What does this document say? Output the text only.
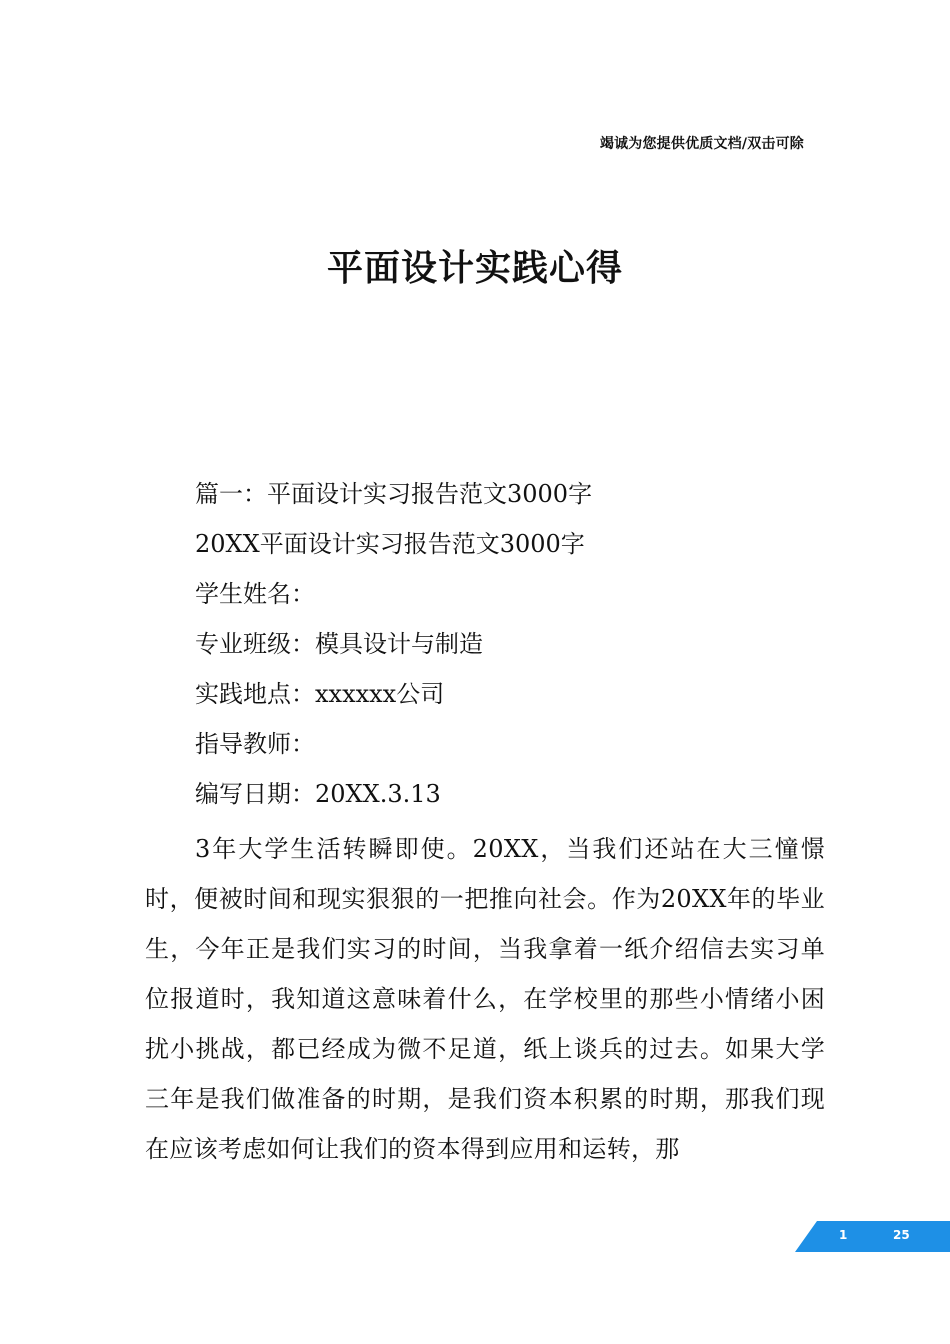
竭诚为您提供优质文档/双击可除
平面设计实践心得
篇一：平面设计实习报告范文3000字
20XX平面设计实习报告范文3000字
学生姓名：
专业班级：模具设计与制造
实践地点：xxxxxx公司
指导教师：
编写日期：20XX.3.13
3年大学生活转瞬即使。20XX，当我们还站在大三憧憬时，便被时间和现实狠狠的一把推向社会。作为20XX年的毕业生，今年正是我们实习的时间，当我拿着一纸介绍信去实习单位报道时，我知道这意味着什么，在学校里的那些小情绪小困扰小挑战，都已经成为微不足道，纸上谈兵的过去。如果大学三年是我们做准备的时期，是我们资本积累的时期，那我们现在应该考虑如何让我们的资本得到应用和运转，那
1	25
